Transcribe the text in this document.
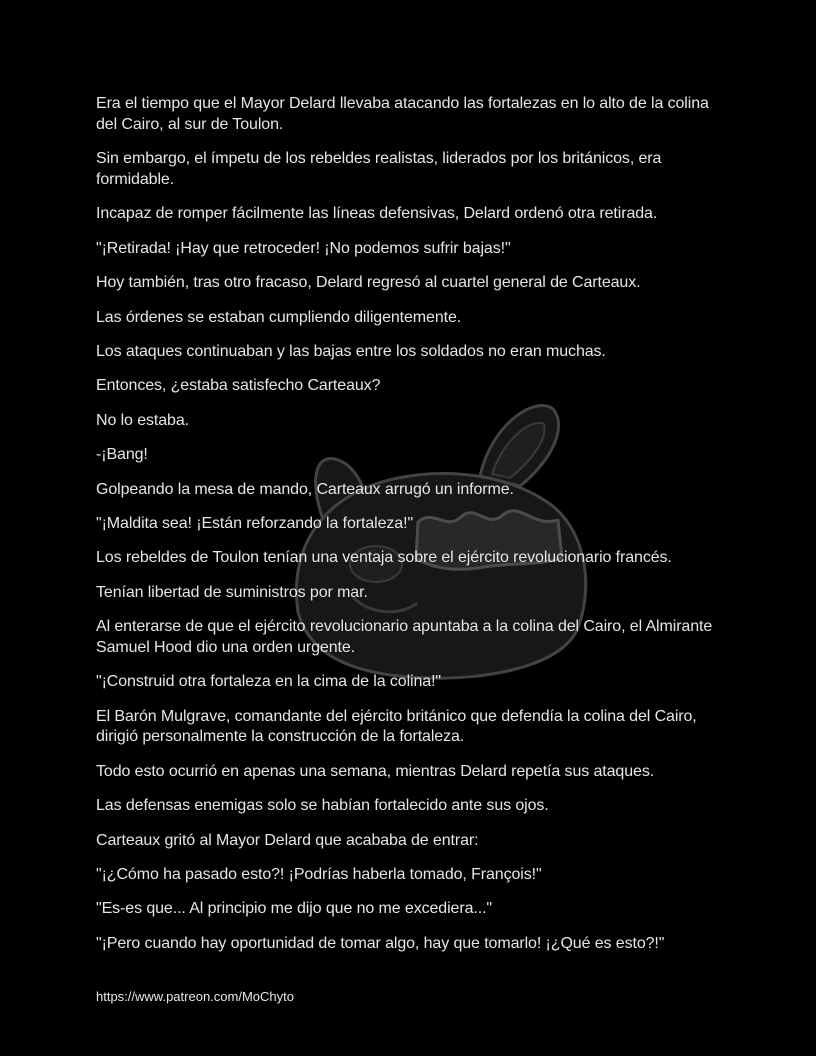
Era el tiempo que el Mayor Delard llevaba atacando las fortalezas en lo alto de la colina del Cairo, al sur de Toulon.

Sin embargo, el ímpetu de los rebeldes realistas, liderados por los británicos, era formidable.

Incapaz de romper fácilmente las líneas defensivas, Delard ordenó otra retirada.

"¡Retirada! ¡Hay que retroceder! ¡No podemos sufrir bajas!"

Hoy también, tras otro fracaso, Delard regresó al cuartel general de Carteaux.

Las órdenes se estaban cumpliendo diligentemente.

Los ataques continuaban y las bajas entre los soldados no eran muchas.

Entonces, ¿estaba satisfecho Carteaux?

No lo estaba.

-¡Bang!

Golpeando la mesa de mando, Carteaux arrugó un informe.

"¡Maldita sea! ¡Están reforzando la fortaleza!"

Los rebeldes de Toulon tenían una ventaja sobre el ejército revolucionario francés.

Tenían libertad de suministros por mar.

Al enterarse de que el ejército revolucionario apuntaba a la colina del Cairo, el Almirante Samuel Hood dio una orden urgente.

"¡Construid otra fortaleza en la cima de la colina!"

El Barón Mulgrave, comandante del ejército británico que defendía la colina del Cairo, dirigió personalmente la construcción de la fortaleza.

Todo esto ocurrió en apenas una semana, mientras Delard repetía sus ataques.

Las defensas enemigas solo se habían fortalecido ante sus ojos.

Carteaux gritó al Mayor Delard que acababa de entrar:

"¡¿Cómo ha pasado esto?! ¡Podrías haberla tomado, François!"

"Es-es que... Al principio me dijo que no me excediera..."

"¡Pero cuando hay oportunidad de tomar algo, hay que tomarlo! ¡¿Qué es esto?!"

https://www.patreon.com/MoChyto
